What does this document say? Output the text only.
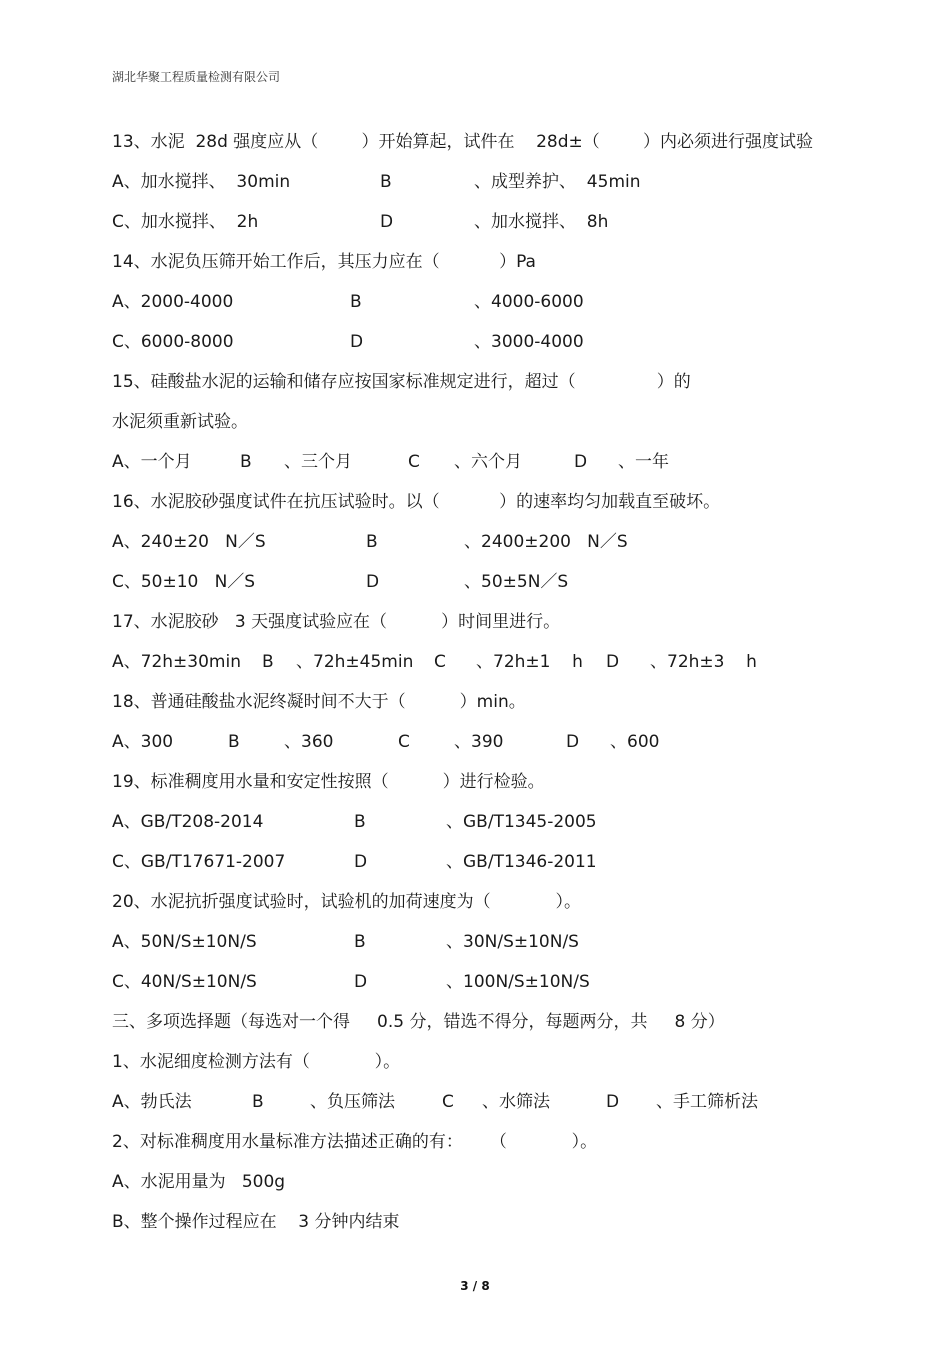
湖北华聚工程质量检测有限公司
13、水泥  28d 强度应从（        ）开始算起，试件在    28d±（        ）内必须进行强度试验
A、加水搅拌、  30min	B	、成型养护、  45min
C、加水搅拌、  2h	D	、加水搅拌、  8h
14、水泥负压筛开始工作后，其压力应在（           ）Pa
A、2000-4000	B	、4000-6000
C、6000-8000	D	、3000-4000
15、硅酸盐水泥的运输和储存应按国家标准规定进行，超过（               ）的
水泥须重新试验。
A、一个月	B 、三个月	C 、六个月	D 、一年
16、水泥胶砂强度试件在抗压试验时。以（           ）的速率均匀加载直至破坏。
A、240±20   N／S	B	、2400±200   N／S
C、50±10   N／S	D	、50±5N／S
17、水泥胶砂   3 天强度试验应在（          ）时间里进行。
A、72h±30min B 、72h±45min C 、72h±1    h D 、72h±3    h
18、普通硅酸盐水泥终凝时间不大于（          ）min。
A、300	B	、360	C	、390	D 、600
19、标准稠度用水量和安定性按照（          ）进行检验。
A、GB/T208-2014	B	、GB/T1345-2005
C、GB/T17671-2007	D	、GB/T1346-2011
20、水泥抗折强度试验时，试验机的加荷速度为（            ）。
A、50N/S±10N/S	B	、30N/S±10N/S
C、40N/S±10N/S	D	、100N/S±10N/S
三、多项选择题（每选对一个得     0.5 分，错选不得分，每题两分，共     8 分）
1、水泥细度检测方法有（            ）。
A、勃氏法	B	、负压筛法	C 、水筛法	D 、手工筛析法
2、对标准稠度用水量标准方法描述正确的有：     （            ）。
A、水泥用量为   500g
B、整个操作过程应在    3 分钟内结束
3 / 8
